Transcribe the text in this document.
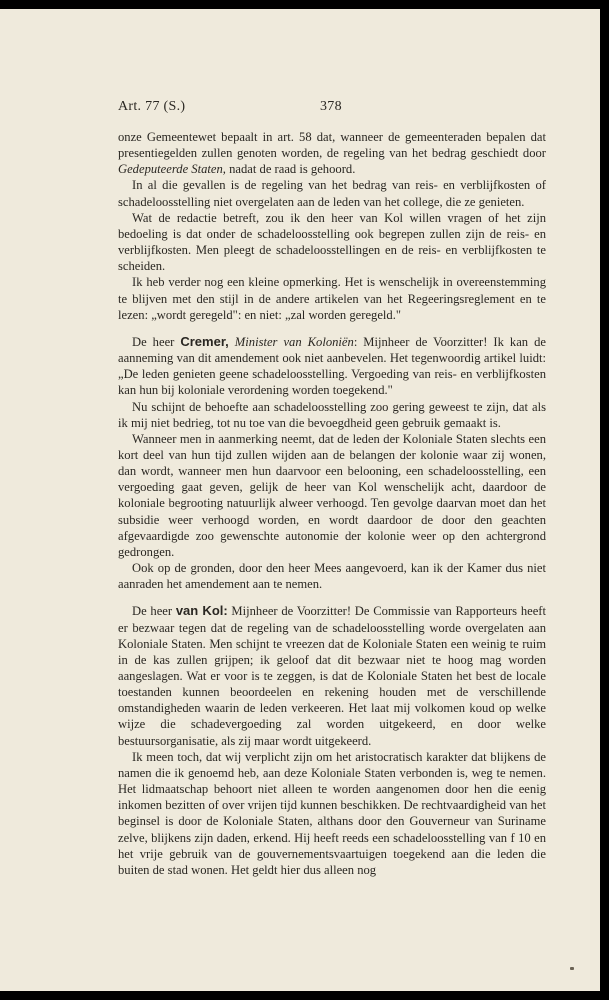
Art. 77 (S.)	378

onze Gemeentewet bepaalt in art. 58 dat, wanneer de gemeenteraden bepalen dat presentiegelden zullen genoten worden, de regeling van het bedrag geschiedt door Gedeputeerde Staten, nadat de raad is gehoord.

In al die gevallen is de regeling van het bedrag van reis- en verblijfkosten of schadeloosstelling niet overgelaten aan de leden van het college, die ze genieten.

Wat de redactie betreft, zou ik den heer van Kol willen vragen of het zijn bedoeling is dat onder de schadeloosstelling ook begrepen zullen zijn de reis- en verblijfkosten. Men pleegt de schadeloosstellingen en de reis- en verblijfkosten te scheiden.

Ik heb verder nog een kleine opmerking. Het is wenschelijk in overeenstemming te blijven met den stijl in de andere artikelen van het Regeeringsreglement en te lezen: „wordt geregeld": en niet: „zal worden geregeld."

De heer Cremer, Minister van Koloniën: Mijnheer de Voorzitter! Ik kan de aanneming van dit amendement ook niet aanbevelen. Het tegenwoordig artikel luidt: „De leden genieten geene schadeloosstelling. Vergoeding van reis- en verblijfkosten kan hun bij koloniale verordening worden toegekend."

Nu schijnt de behoefte aan schadeloosstelling zoo gering geweest te zijn, dat als ik mij niet bedrieg, tot nu toe van die bevoegdheid geen gebruik gemaakt is.

Wanneer men in aanmerking neemt, dat de leden der Koloniale Staten slechts een kort deel van hun tijd zullen wijden aan de belangen der kolonie waar zij wonen, dan wordt, wanneer men hun daarvoor een belooning, een schadeloosstelling, een vergoeding gaat geven, gelijk de heer van Kol wenschelijk acht, daardoor de koloniale begrooting natuurlijk alweer verhoogd. Ten gevolge daarvan moet dan het subsidie weer verhoogd worden, en wordt daardoor de door den geachten afgevaardigde zoo gewenschte autonomie der kolonie weer op den achtergrond gedrongen.

Ook op de gronden, door den heer Mees aangevoerd, kan ik der Kamer dus niet aanraden het amendement aan te nemen.

De heer van Kol: Mijnheer de Voorzitter! De Commissie van Rapporteurs heeft er bezwaar tegen dat de regeling van de schadeloosstelling worde overgelaten aan Koloniale Staten. Men schijnt te vreezen dat de Koloniale Staten een weinig te ruim in de kas zullen grijpen; ik geloof dat dit bezwaar niet te hoog mag worden aangeslagen. Wat er voor is te zeggen, is dat de Koloniale Staten het best de locale toestanden kunnen beoordeelen en rekening houden met de verschillende omstandigheden waarin de leden verkeeren. Het laat mij volkomen koud op welke wijze die schadevergoeding zal worden uitgekeerd, en door welke bestuursorganisatie, als zij maar wordt uitgekeerd.

Ik meen toch, dat wij verplicht zijn om het aristocratisch karakter dat blijkens de namen die ik genoemd heb, aan deze Koloniale Staten verbonden is, weg te nemen. Het lidmaatschap behoort niet alleen te worden aangenomen door hen die eenig inkomen bezitten of over vrijen tijd kunnen beschikken. De rechtvaardigheid van het beginsel is door de Koloniale Staten, althans door den Gouverneur van Suriname zelve, blijkens zijn daden, erkend. Hij heeft reeds een schadeloosstelling van f 10 en het vrije gebruik van de gouvernementsvaartuigen toegekend aan die leden die buiten de stad wonen. Het geldt hier dus alleen nog
